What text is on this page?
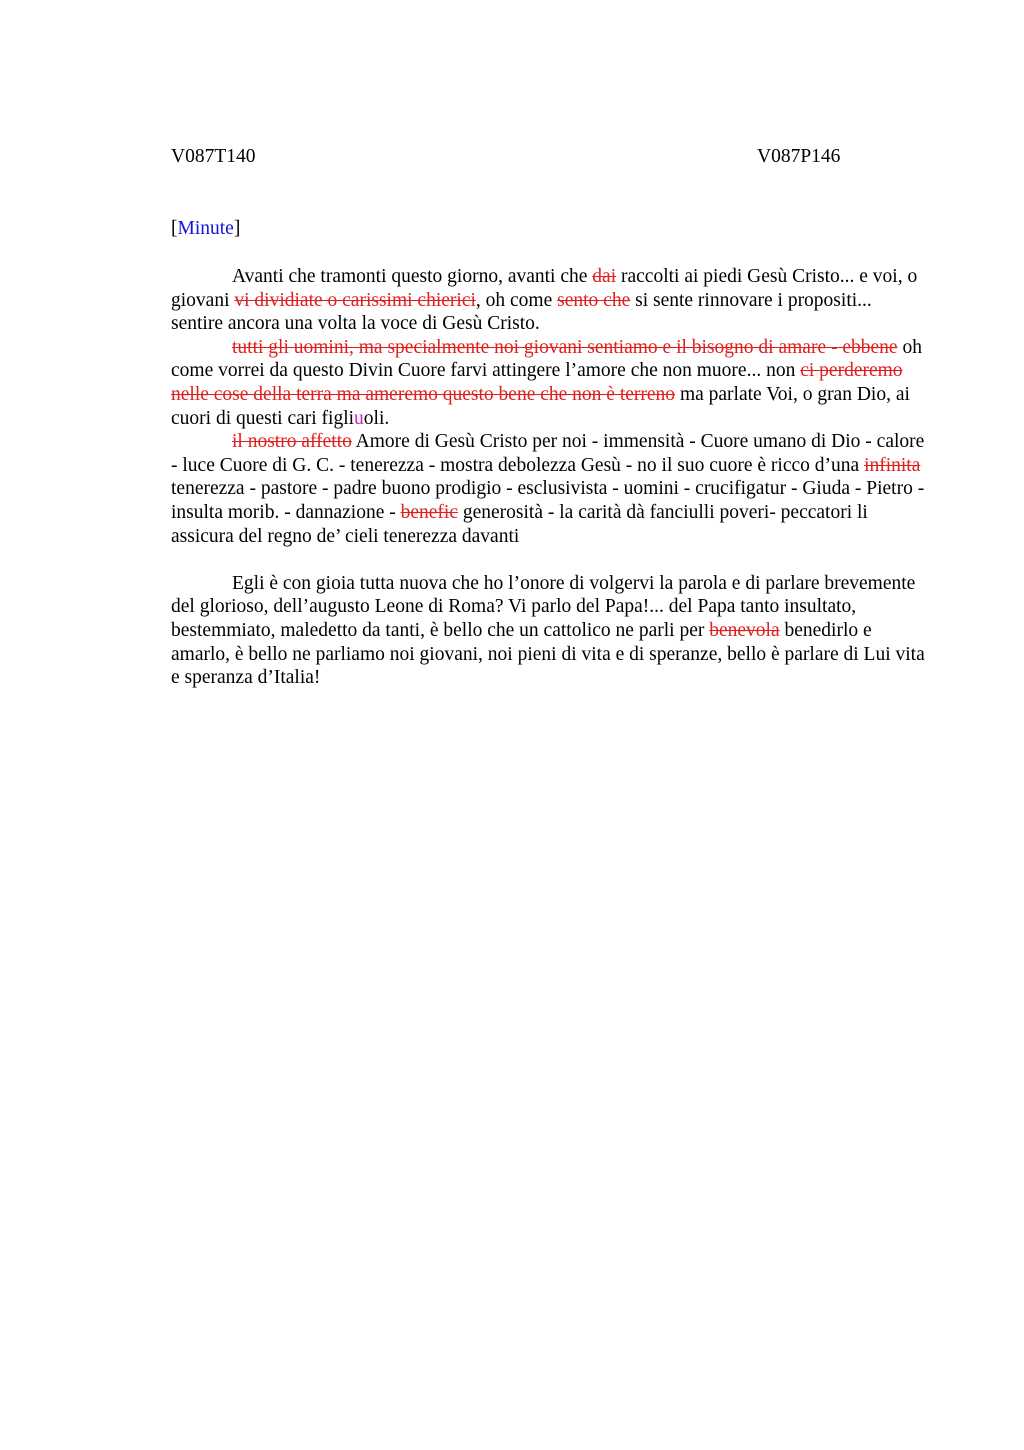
V087T140	V087P146
[Minute]

Avanti che tramonti questo giorno, avanti che dai raccolti ai piedi Gesù Cristo... e voi, o giovani vi dividiate o carissimi chierici, oh come sento che si sente rinnovare i propositi... sentire ancora una volta la voce di Gesù Cristo.

tutti gli uomini, ma specialmente noi giovani sentiamo e il bisogno di amare - ebbene oh come vorrei da questo Divin Cuore farvi attingere l’amore che non muore... non ci perderemo nelle cose della terra ma ameremo questo bene che non è terreno ma parlate Voi, o gran Dio, ai cuori di questi cari figliuoli.

il nostro affetto Amore di Gesù Cristo per noi - immensità - Cuore umano di Dio - calore - luce Cuore di G. C. - tenerezza - mostra debolezza Gesù - no il suo cuore è ricco d’una infinita tenerezza - pastore - padre buono prodigio - esclusivista - uomini - crucifigatur - Giuda - Pietro - insulta morib. - dannazione - benefic generosità - la carità dà fanciulli poveri- peccatori li assicura del regno de’ cieli tenerezza davanti

Egli è con gioia tutta nuova che ho l’onore di volgervi la parola e di parlare brevemente del glorioso, dell’augusto Leone di Roma? Vi parlo del Papa!... del Papa tanto insultato, bestemmiato, maledetto da tanti, è bello che un cattolico ne parli per benevola benedirlo e amarlo, è bello ne parliamo noi giovani, noi pieni di vita e di speranze, bello è parlare di Lui vita e speranza d’Italia!
